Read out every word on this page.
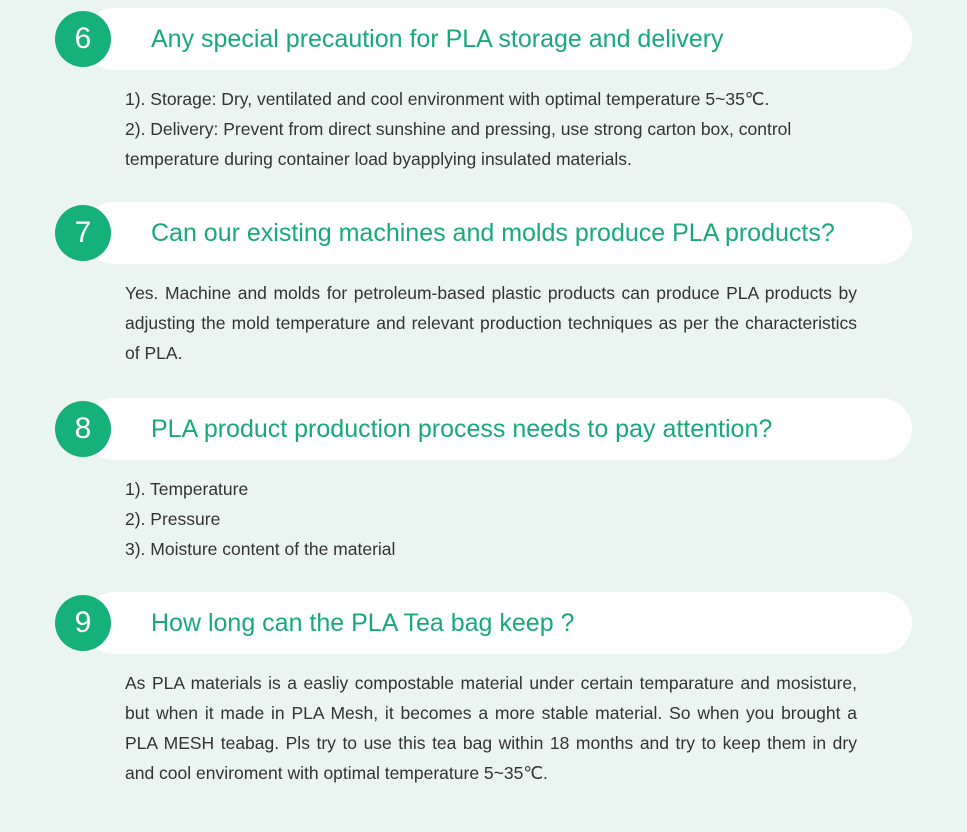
6	Any special precaution for PLA storage and delivery

1). Storage: Dry, ventilated and cool environment with optimal temperature 5~35℃.

2). Delivery: Prevent from direct sunshine and pressing, use strong carton box, control temperature during container load byapplying insulated materials.

7	Can our existing machines and molds produce PLA products?

Yes. Machine and molds for petroleum-based plastic products can produce PLA products by adjusting the mold temperature and relevant production techniques as per the characteristics of PLA.

8	PLA product production process needs to pay attention?

1). Temperature

2). Pressure

3). Moisture content of the material

9	How long can the PLA Tea bag keep ?

As PLA materials is a easliy compostable material under certain temparature and mosisture, but when it made in PLA Mesh, it becomes a more stable material. So when you brought a PLA MESH teabag. Pls try to use this tea bag within 18 months and try to keep them in dry and cool enviroment with optimal temperature 5~35℃.
